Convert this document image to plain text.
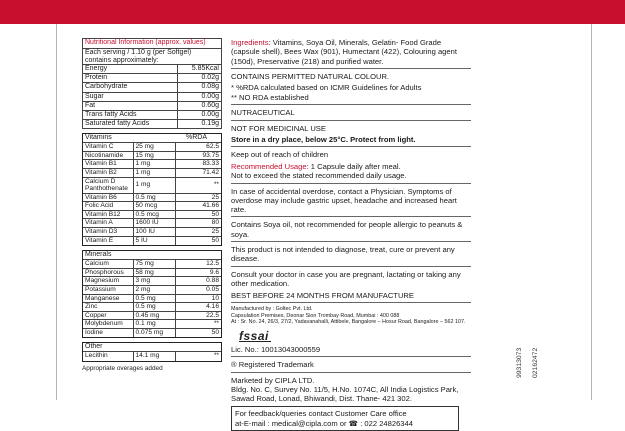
Nutritional Information (approx. values)	
Each serving / 1.10 g (per Softgel) contains approximately:	
Energy	5.85Kcal
Protein	0.02g
Carbohydrate	0.08g
Sugar	0.00g
Fat	0.60g
Trans fatty Acids	0.00g
Saturated fatty Acids	0.19g
Vitamins	%RDA
Vitamin C	25 mg	62.5
Nicotinamide	15 mg	93.75
Vitamin B1	1 mg	83.33
Vitamin B2	1 mg	71.42
Calcium D Panthothenate	1 mg	**
Vitamin B6	0.5 mg	25
Folic Acid	50 mcg	41.66
Vitamin B12	0.5 mcg	50
Vitamin A	1600 IU	80
Vitamin D3	100 IU	25
Vitamin E	5 IU	50
Minerals
Calcium	75 mg	12.5
Phosphorous	58 mg	9.6
Magnesium	3 mg	0.88
Potassium	2 mg	0.05
Manganese	0.5 mg	10
Zinc	0.5 mg	4.16
Copper	0.45 mg	22.5
Molybdenum	0.1 mg	**
Iodine	0.075 mg	50
Other
Lecithin	14.1 mg	**
Appropriate overages added

Ingredients: Vitamins, Soya Oil, Minerals, Gelatin- Food Grade (capsule shell), Bees Wax (901), Humectant (422), Colouring agent (150d), Preservative (218) and purified water.

CONTAINS PERMITTED NATURAL COLOUR.

* %RDA calculated based on ICMR Guidelines for Adults

** NO RDA established

NUTRACEUTICAL

NOT FOR MEDICINAL USE

Store in a dry place, below 25°C. Protect from light.

Keep out of reach of children

Recommended Usage: 1 Capsule daily after meal.

Not to exceed the stated recommended daily usage.

In case of accidental overdose, contact a Physician. Symptoms of overdose may include gastric upset, headache and increased heart rate.

Contains Soya oil, not recommended for people allergic to peanuts & soya.

This product is not intended to diagnose, treat, cure or prevent any disease.

Consult your doctor in case you are pregnant, lactating or taking any other medication.

BEST BEFORE 24 MONTHS FROM MANUFACTURE

Manufactured by : Goltec Pvt. Ltd.
Capsulation Premises, Deonar Sion Trombay Road, Mumbai : 400 088
At : Sr. No. 24, 26/3, 27/2, Yadavanahalli, Attibele, Bangalore – Hosur Road, Bangalore – 562 107.
fssai

Lic. No.: 10013043000559

® Registered Trademark

Marketed by CIPLA LTD.

Bldg. No. C, Survey No. 11/5, H.No. 1074C, All India Logistics Park, Sawad Road, Lonad, Bhiwandi, Dist. Thane- 421 302.

For feedback/queries contact Customer Care office
at-E-mail : medical@cipla.com or ☎ : 022 24826344
99313073 02162472
